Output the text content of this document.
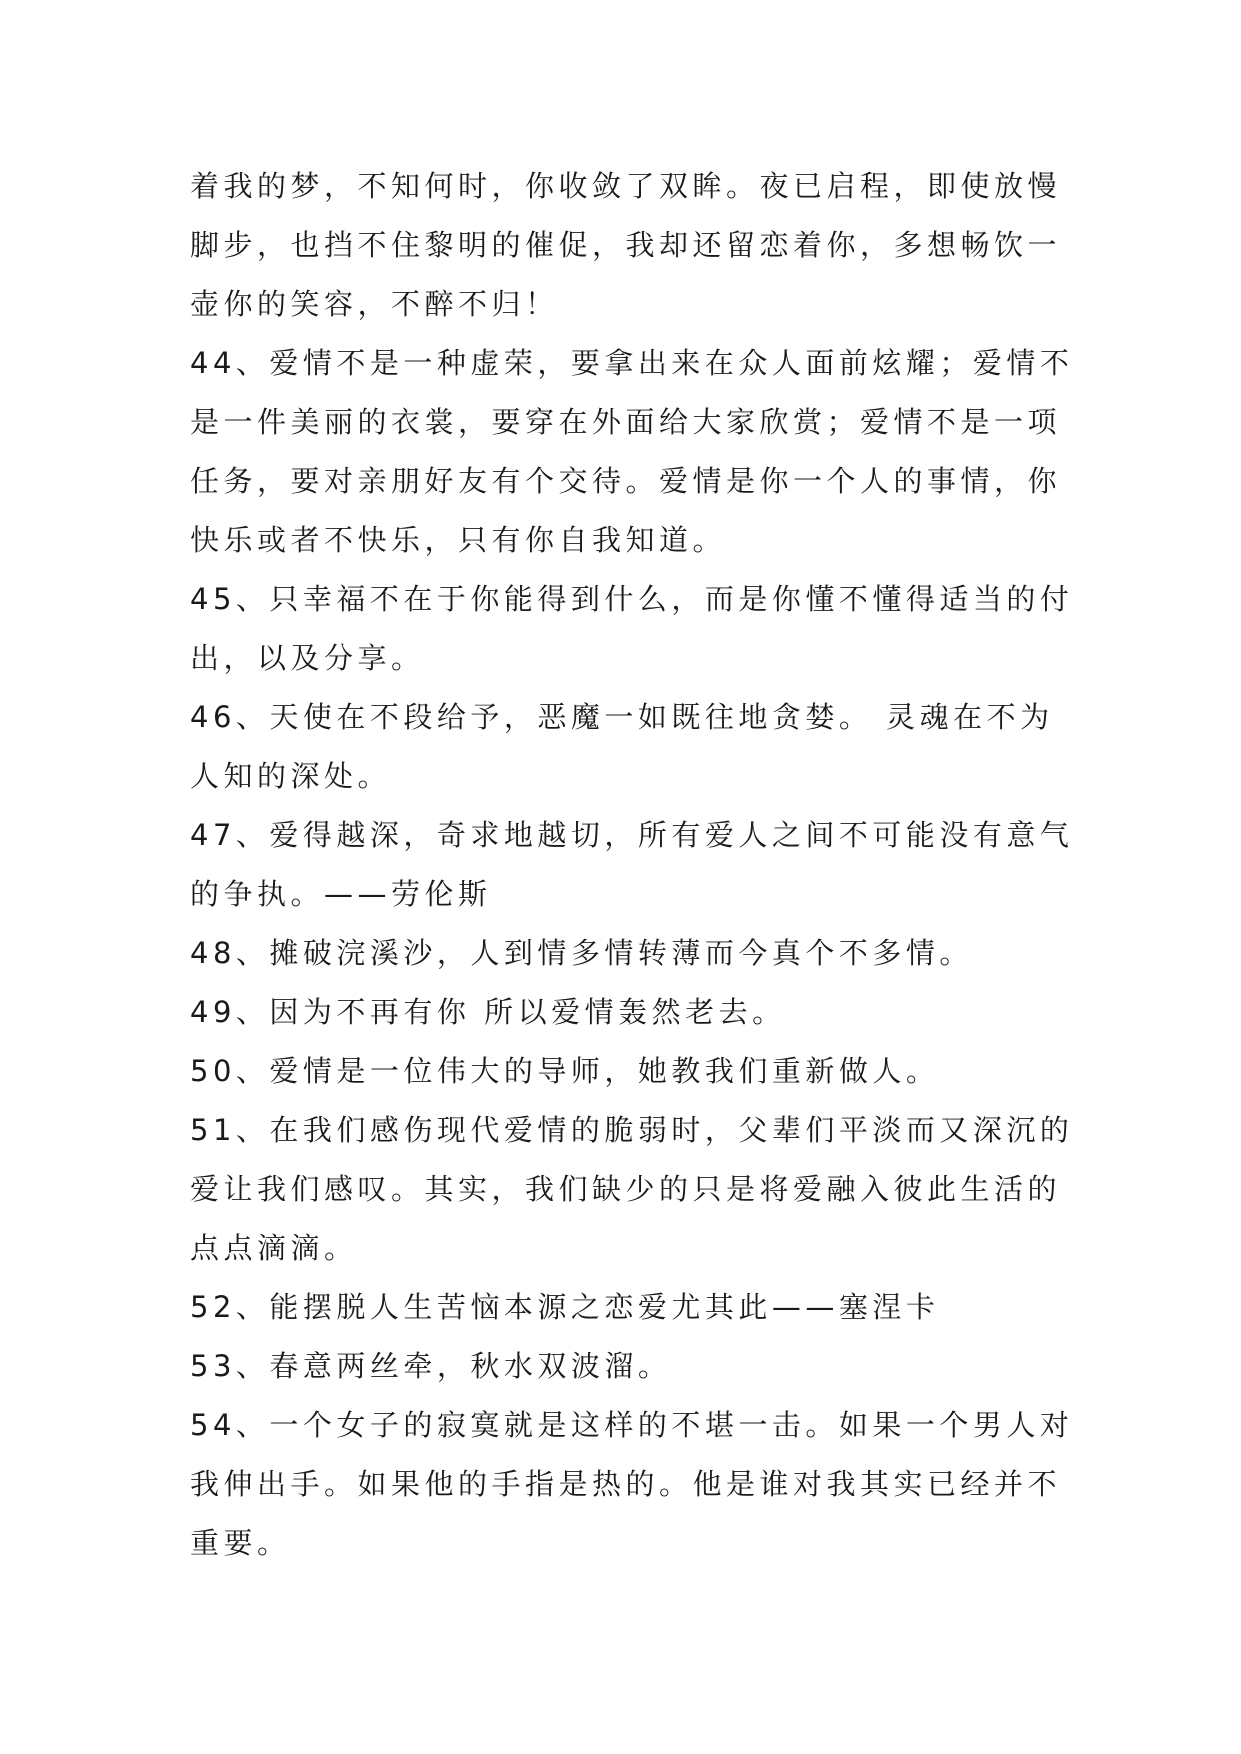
着我的梦，不知何时，你收敛了双眸。夜已启程，即使放慢
脚步，也挡不住黎明的催促，我却还留恋着你，多想畅饮一
壶你的笑容，不醉不归！

44、爱情不是一种虚荣，要拿出来在众人面前炫耀；爱情不
是一件美丽的衣裳，要穿在外面给大家欣赏；爱情不是一项
任务，要对亲朋好友有个交待。爱情是你一个人的事情，你
快乐或者不快乐，只有你自我知道。

45、只幸福不在于你能得到什么，而是你懂不懂得适当的付
出，以及分享。

46、天使在不段给予，恶魔一如既往地贪婪。 灵魂在不为
人知的深处。

47、爱得越深，奇求地越切，所有爱人之间不可能没有意气
的争执。——劳伦斯

48、摊破浣溪沙，人到情多情转薄而今真个不多情。

49、因为不再有你 所以爱情轰然老去。

50、爱情是一位伟大的导师，她教我们重新做人。

51、在我们感伤现代爱情的脆弱时，父辈们平淡而又深沉的
爱让我们感叹。其实，我们缺少的只是将爱融入彼此生活的
点点滴滴。

52、能摆脱人生苦恼本源之恋爱尤其此——塞涅卡

53、春意两丝牵，秋水双波溜。

54、一个女子的寂寞就是这样的不堪一击。如果一个男人对
我伸出手。如果他的手指是热的。他是谁对我其实已经并不
重要。
